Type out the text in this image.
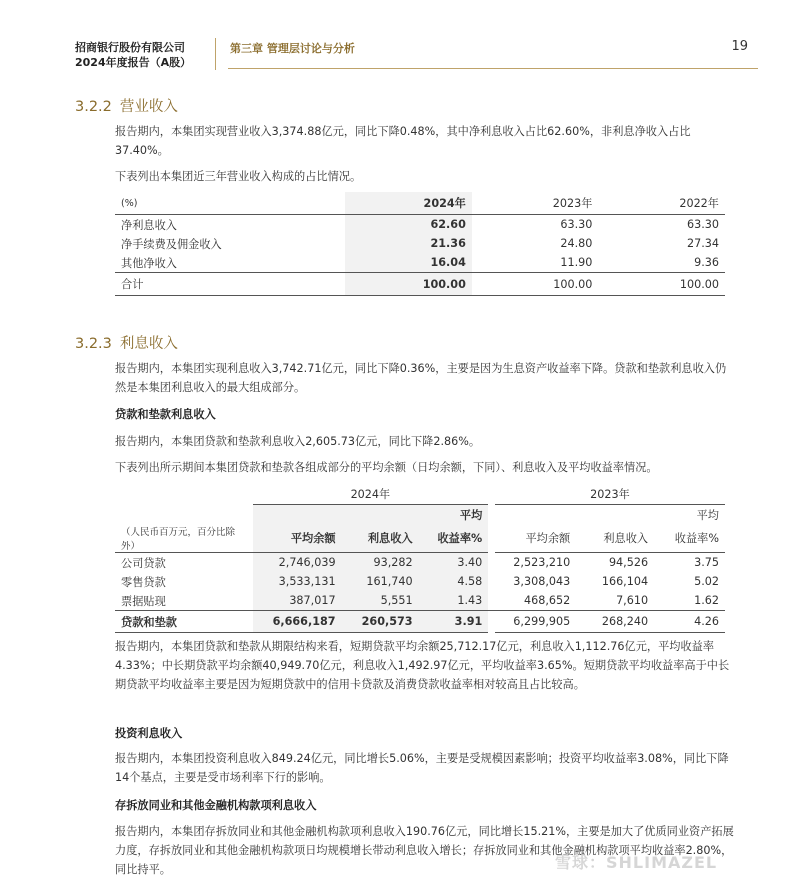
招商银行股份有限公司
2024年度报告（A股）
第三章 管理层讨论与分析	19
3.2.2 营业收入
报告期内，本集团实现营业收入3,374.88亿元，同比下降0.48%，其中净利息收入占比62.60%，非利息净收入占比37.40%。
下表列出本集团近三年营业收入构成的占比情况。
(%)	2024年	2023年	2022年
净利息收入	62.60	63.30	63.30
净手续费及佣金收入	21.36	24.80	27.34
其他净收入	16.04	11.90	9.36
合计	100.00	100.00	100.00
3.2.3 利息收入
报告期内，本集团实现利息收入3,742.71亿元，同比下降0.36%，主要是因为生息资产收益率下降。贷款和垫款利息收入仍然是本集团利息收入的最大组成部分。
贷款和垫款利息收入
报告期内，本集团贷款和垫款利息收入2,605.73亿元，同比下降2.86%。
下表列出所示期间本集团贷款和垫款各组成部分的平均余额（日均余额，下同）、利息收入及平均收益率情况。
	2024年				2023年		
			平均				平均
（人民币百万元，百分比除外）	平均余额	利息收入	收益率%		平均余额	利息收入	收益率%
公司贷款	2,746,039	93,282	3.40		2,523,210	94,526	3.75
零售贷款	3,533,131	161,740	4.58		3,308,043	166,104	5.02
票据贴现	387,017	5,551	1.43		468,652	7,610	1.62
贷款和垫款	6,666,187	260,573	3.91		6,299,905	268,240	4.26
报告期内，本集团贷款和垫款从期限结构来看，短期贷款平均余额25,712.17亿元，利息收入1,112.76亿元，平均收益率4.33%；中长期贷款平均余额40,949.70亿元，利息收入1,492.97亿元，平均收益率3.65%。短期贷款平均收益率高于中长期贷款平均收益率主要是因为短期贷款中的信用卡贷款及消费贷款收益率相对较高且占比较高。
投资利息收入
报告期内，本集团投资利息收入849.24亿元，同比增长5.06%，主要是受规模因素影响；投资平均收益率3.08%，同比下降14个基点，主要是受市场利率下行的影响。
存拆放同业和其他金融机构款项利息收入
报告期内，本集团存拆放同业和其他金融机构款项利息收入190.76亿元，同比增长15.21%，主要是加大了优质同业资产拓展力度，存拆放同业和其他金融机构款项日均规模增长带动利息收入增长；存拆放同业和其他金融机构款项平均收益率2.80%，同比持平。	雪球：SHLIMAZEL
